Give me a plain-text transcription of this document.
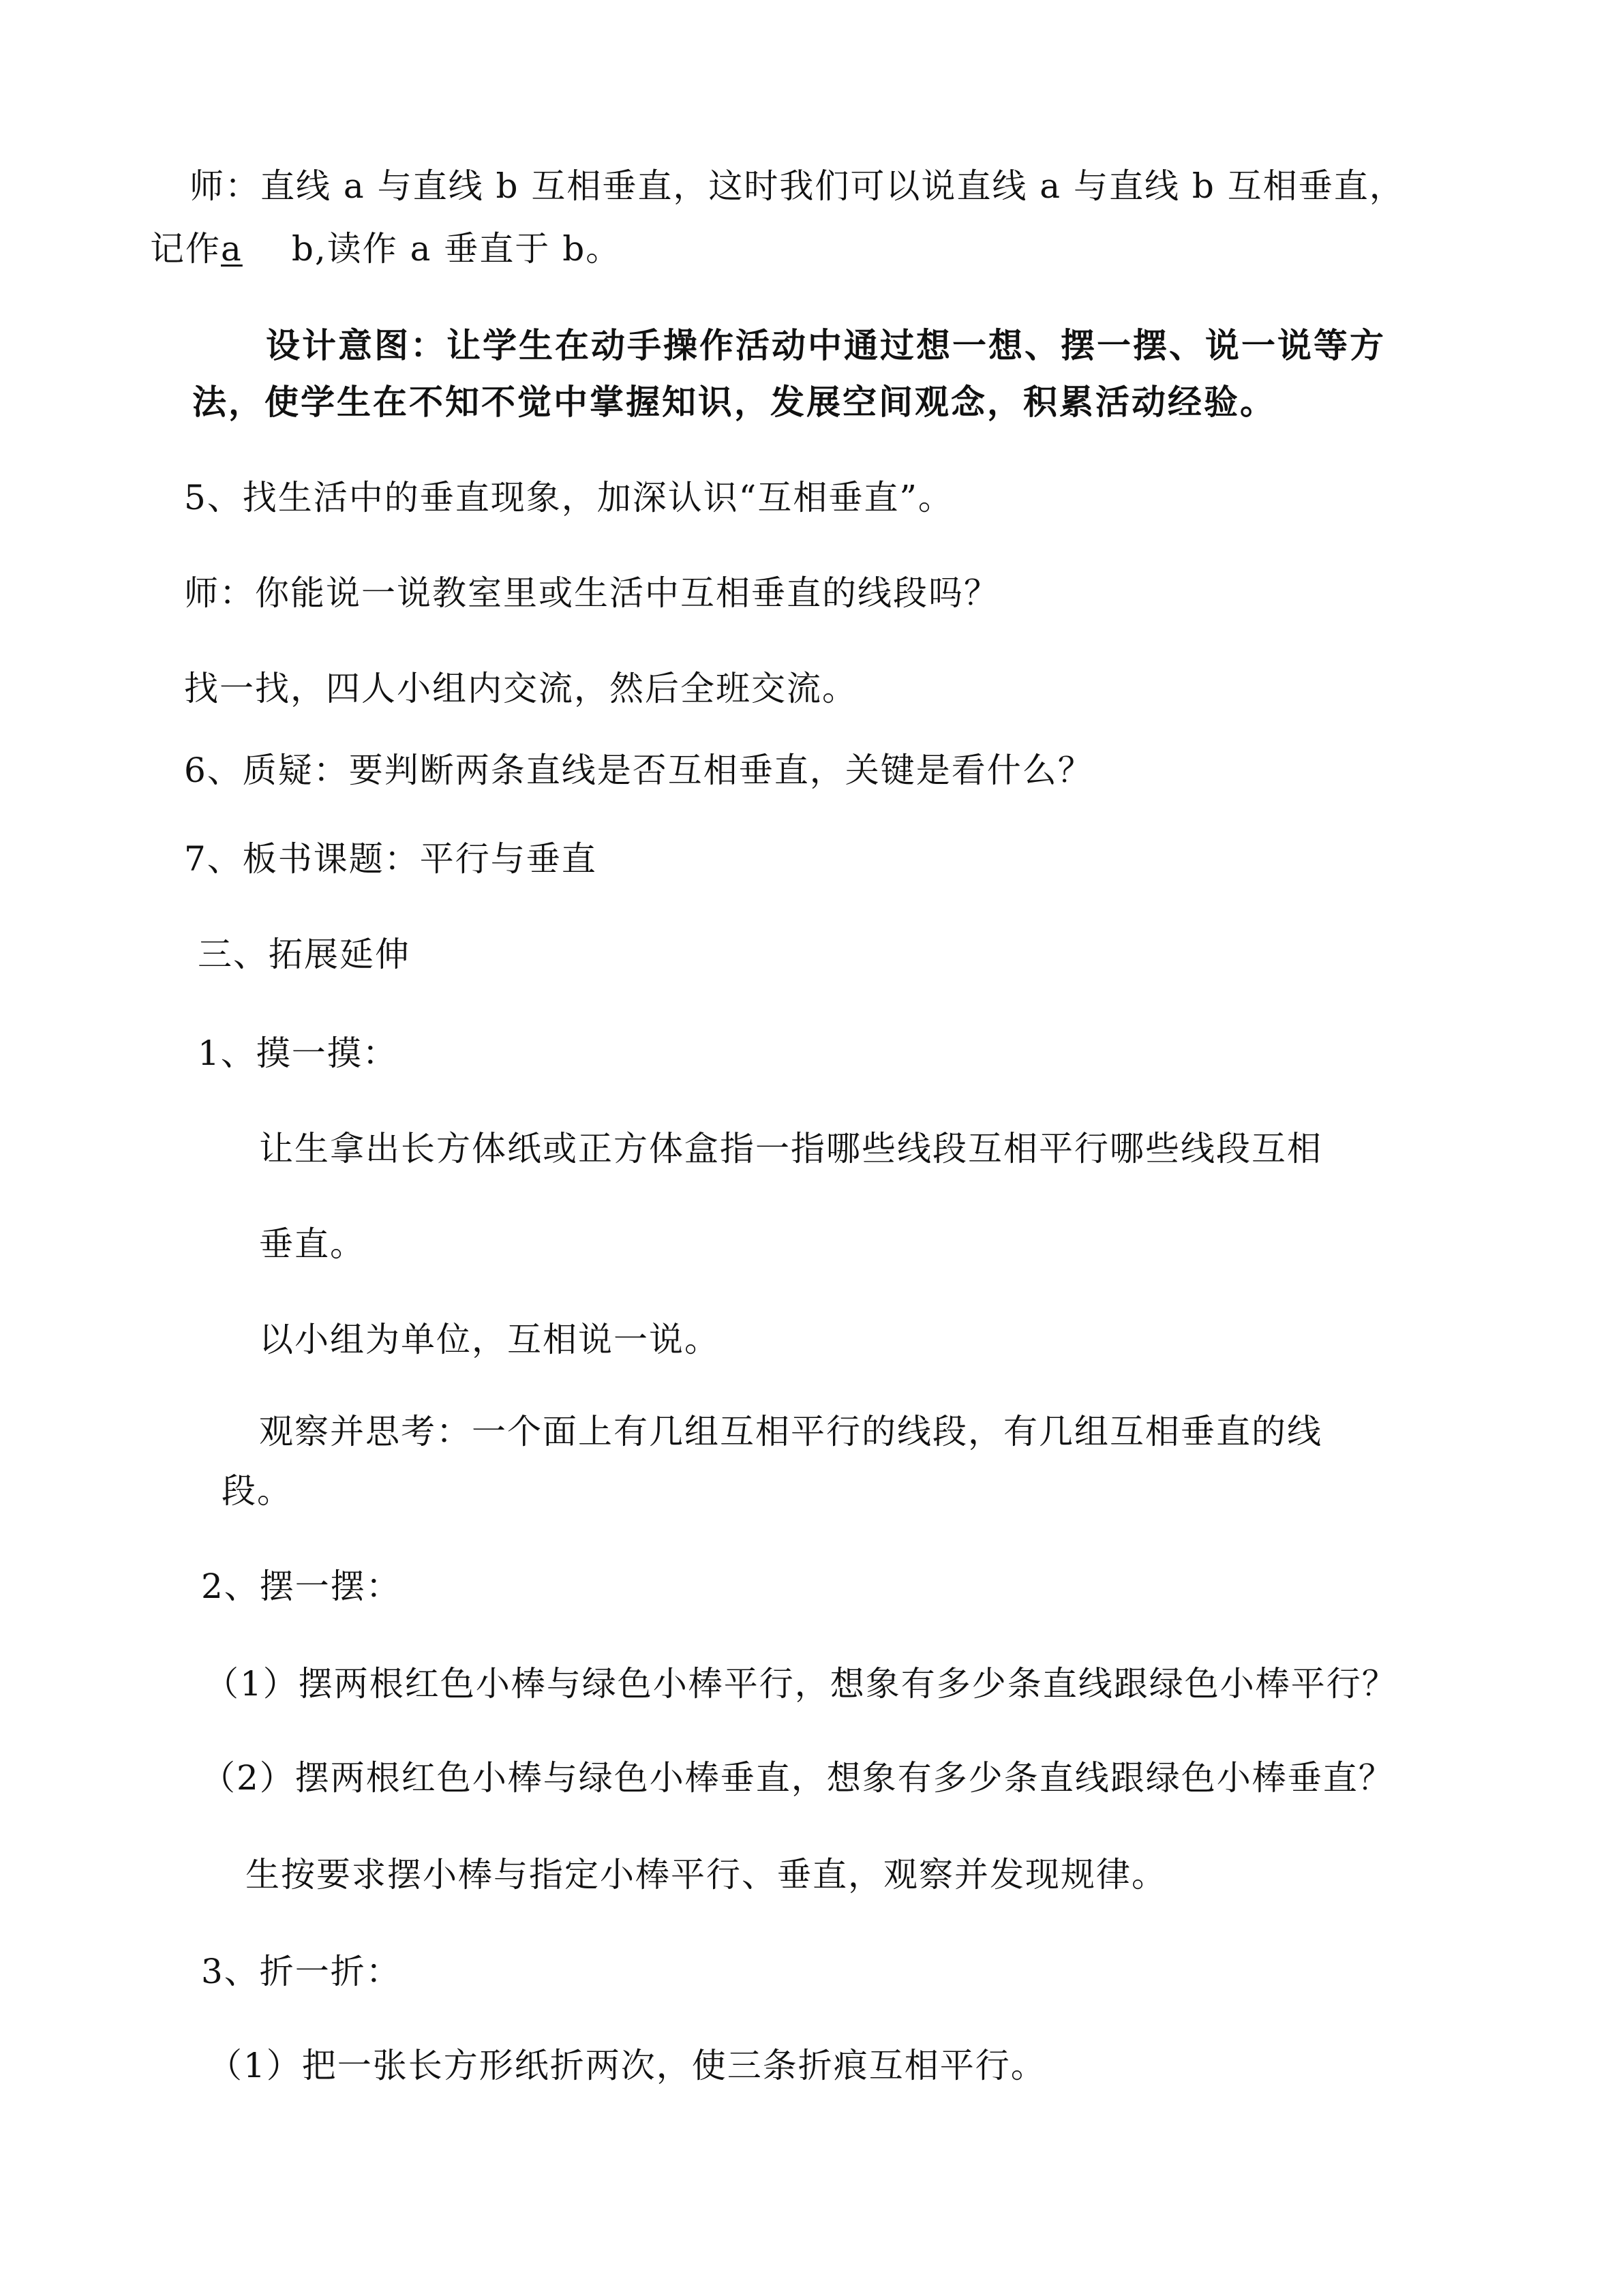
师：直线 a 与直线 b 互相垂直，这时我们可以说直线 a 与直线 b 互相垂直，
记作a b,读作 a 垂直于 b。
设计意图：让学生在动手操作活动中通过想一想、摆一摆、说一说等方
法，使学生在不知不觉中掌握知识，发展空间观念，积累活动经验。
5、找生活中的垂直现象，加深认识“互相垂直”。
师：你能说一说教室里或生活中互相垂直的线段吗？
找一找，四人小组内交流，然后全班交流。
6、质疑：要判断两条直线是否互相垂直，关键是看什么？
7、板书课题：平行与垂直
三、拓展延伸
1、摸一摸：
让生拿出长方体纸或正方体盒指一指哪些线段互相平行哪些线段互相
垂直。
以小组为单位，互相说一说。
观察并思考：一个面上有几组互相平行的线段，有几组互相垂直的线
段。
2、摆一摆：
（1）摆两根红色小棒与绿色小棒平行，想象有多少条直线跟绿色小棒平行？
（2）摆两根红色小棒与绿色小棒垂直，想象有多少条直线跟绿色小棒垂直？
生按要求摆小棒与指定小棒平行、垂直，观察并发现规律。
3、折一折：
（1）把一张长方形纸折两次，使三条折痕互相平行。
